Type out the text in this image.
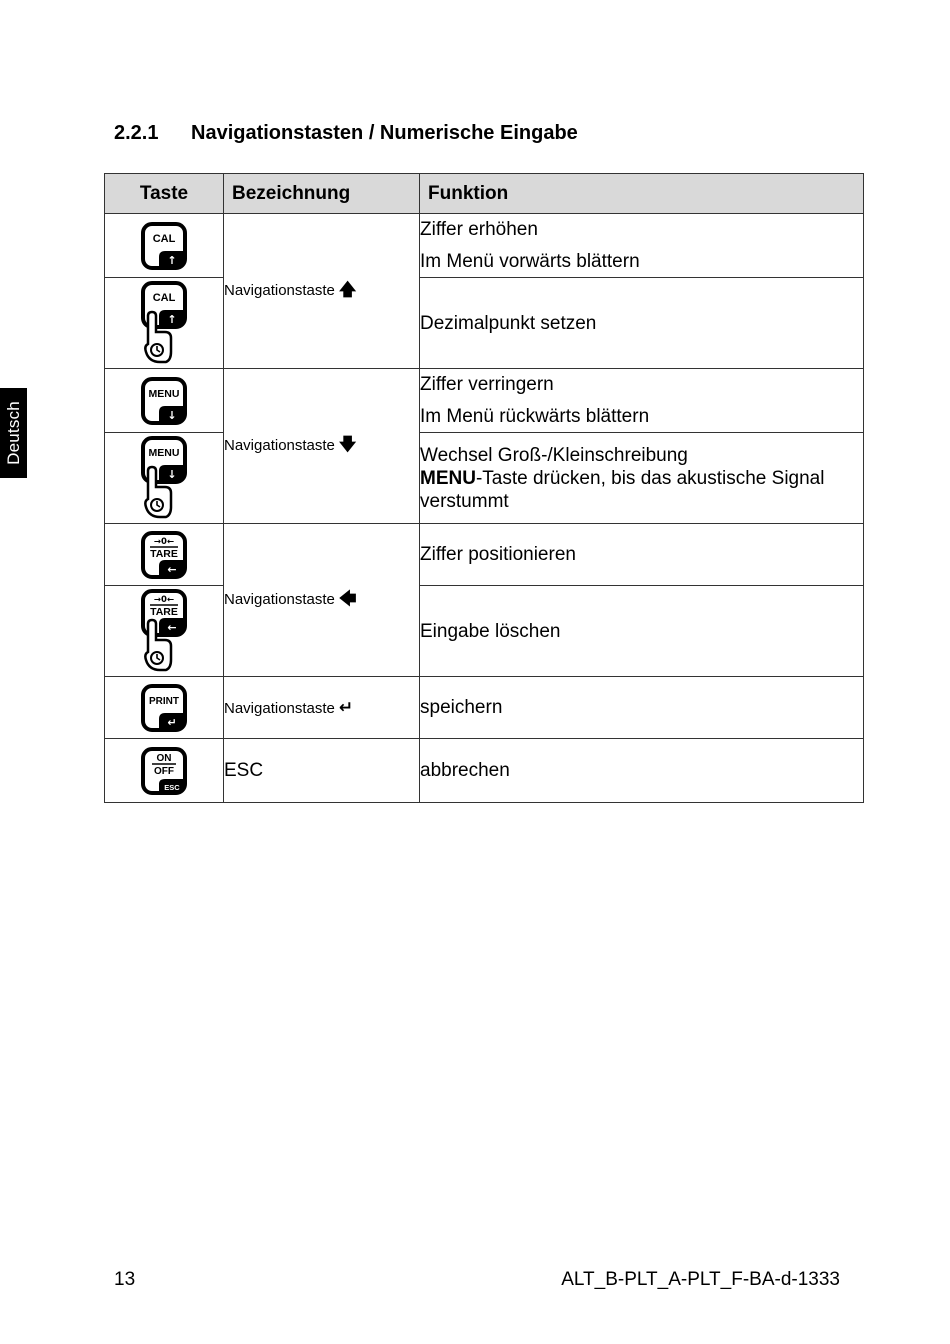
Deutsch
2.2.1 Navigationstasten / Numerische Eingabe
Taste	Bezeichnung	Funktion

CAL
↑	Navigationstaste 🡅	Ziffer erhöhen
Im Menü vorwärts blättern

CAL
↑		Dezimalpunkt setzen

MENU
↓	Navigationstaste 🡇	Ziffer verringern
Im Menü rückwärts blättern

MENU
↓		Wechsel Groß-/Kleinschreibung
MENU-Taste drücken, bis das akustische Signal verstummt

→0←
TARE
←	Navigationstaste 🡄	Ziffer positionieren

→0←
TARE
←		Eingabe löschen

PRINT
↵	Navigationstaste ↵	speichern

ON
OFF
ESC	ESC	abbrechen
13	ALT_B-PLT_A-PLT_F-BA-d-1333
